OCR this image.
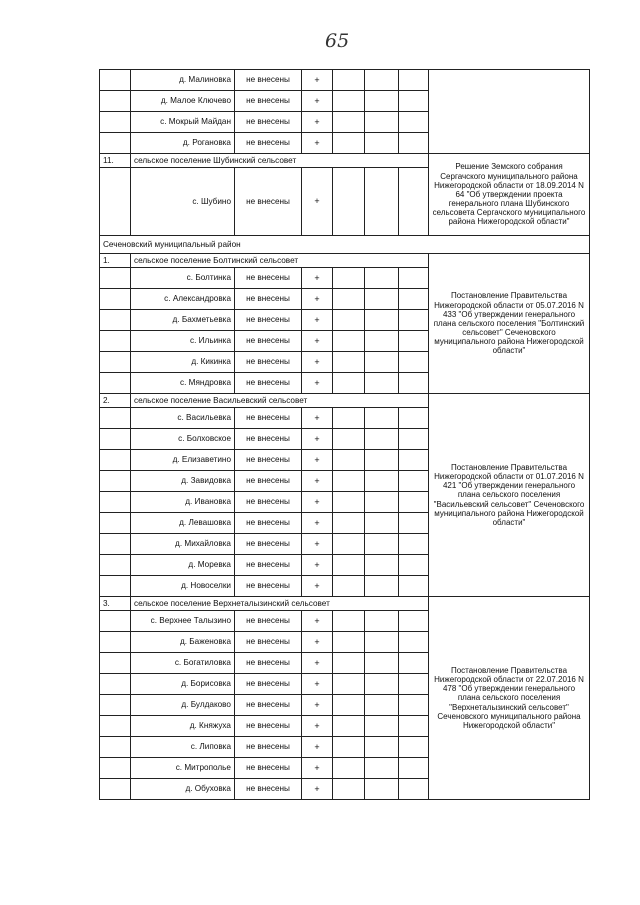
65
	д. Малиновка	не внесены	+				
	д. Малое Ключево	не внесены	+				
	с. Мокрый Майдан	не внесены	+				
	д. Рогановка	не внесены	+				
11.	сельское поселение Шубинский сельсовет						Решение Земского собрания Сергачского муниципального района Нижегородской области от 18.09.2014 N 64 "Об утверждении проекта генерального плана Шубинского сельсовета Сергачского муниципального района Нижегородской области"
	с. Шубино	не внесены	+				
Сеченовский муниципальный район							
1.	сельское поселение Болтинский сельсовет						Постановление Правительства Нижегородской области от 05.07.2016 N 433 "Об утверждении генерального плана сельского поселения "Болтинский сельсовет" Сеченовского муниципального района Нижегородской области"
	с. Болтинка	не внесены	+				
	с. Александровка	не внесены	+				
	д. Бахметьевка	не внесены	+				
	с. Ильинка	не внесены	+				
	д. Кикинка	не внесены	+				
	с. Мяндровка	не внесены	+				
2.	сельское поселение Васильевский сельсовет						Постановление Правительства Нижегородской области от 01.07.2016 N 421 "Об утверждении генерального плана сельского поселения "Васильевский сельсовет" Сеченовского муниципального района Нижегородской области"
	с. Васильевка	не внесены	+				
	с. Болховское	не внесены	+				
	д. Елизаветино	не внесены	+				
	д. Завидовка	не внесены	+				
	д. Ивановка	не внесены	+				
	д. Левашовка	не внесены	+				
	д. Михайловка	не внесены	+				
	д. Моревка	не внесены	+				
	д. Новоселки	не внесены	+				
3.	сельское поселение Верхнеталызинский сельсовет						Постановление Правительства Нижегородской области от 22.07.2016 N 478 "Об утверждении генерального плана сельского поселения "Верхнеталызинский сельсовет" Сеченовского муниципального района Нижегородской области"
	с. Верхнее Талызино	не внесены	+				
	д. Баженовка	не внесены	+				
	с. Богатиловка	не внесены	+				
	д. Борисовка	не внесены	+				
	д. Булдаково	не внесены	+				
	д. Княжуха	не внесены	+				
	с. Липовка	не внесены	+				
	с. Митрополье	не внесены	+				
	д. Обуховка	не внесены	+				
